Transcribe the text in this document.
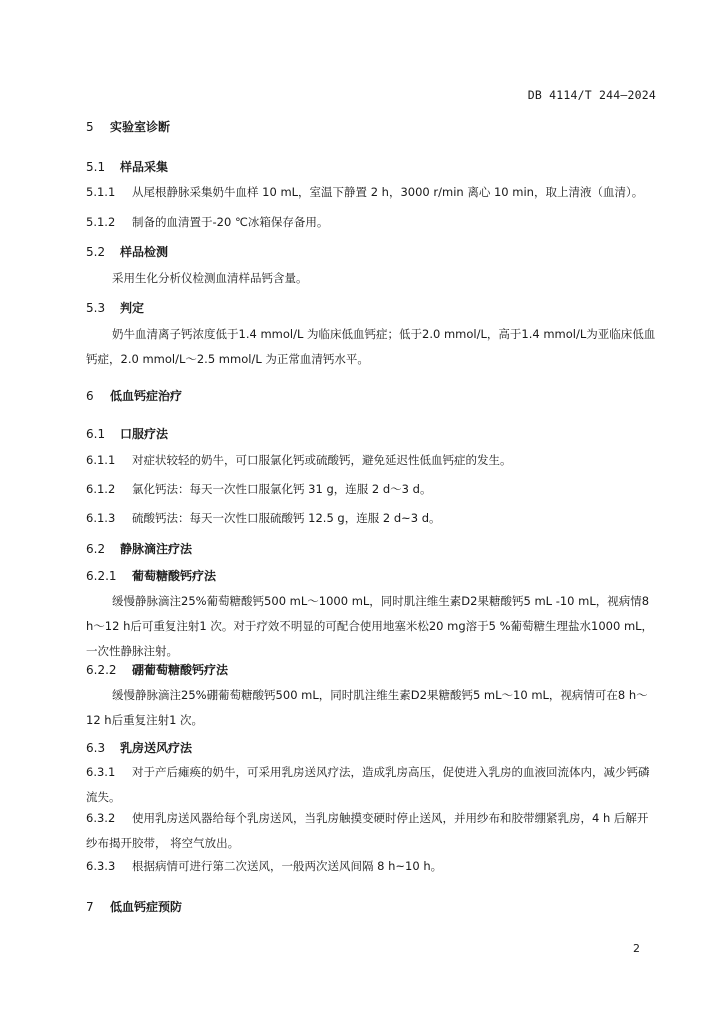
DB 4114/T 244—2024
5 实验室诊断
5.1 样品采集
5.1.1 从尾根静脉采集奶牛血样 10 mL，室温下静置 2 h，3000 r/min 离心 10 min，取上清液（血清）。
5.1.2 制备的血清置于-20 ℃冰箱保存备用。
5.2 样品检测
采用生化分析仪检测血清样品钙含量。
5.3 判定
奶牛血清离子钙浓度低于1.4 mmol/L 为临床低血钙症；低于2.0 mmol/L，高于1.4 mmol/L为亚临床低血钙症，2.0 mmol/L～2.5 mmol/L 为正常血清钙水平。
6 低血钙症治疗
6.1 口服疗法
6.1.1 对症状较轻的奶牛，可口服氯化钙或硫酸钙，避免延迟性低血钙症的发生。
6.1.2 氯化钙法：每天一次性口服氯化钙 31 g，连服 2 d～3 d。
6.1.3 硫酸钙法：每天一次性口服硫酸钙 12.5 g，连服 2 d~3 d。
6.2 静脉滴注疗法
6.2.1 葡萄糖酸钙疗法
缓慢静脉滴注25%葡萄糖酸钙500 mL～1000 mL，同时肌注维生素D2果糖酸钙5 mL -10 mL，视病情8 h～12 h后可重复注射1 次。对于疗效不明显的可配合使用地塞米松20 mg溶于5 %葡萄糖生理盐水1000 mL，一次性静脉注射。
6.2.2 硼葡萄糖酸钙疗法
缓慢静脉滴注25%硼葡萄糖酸钙500 mL，同时肌注维生素D2果糖酸钙5 mL～10 mL，视病情可在8 h～12 h后重复注射1 次。
6.3 乳房送风疗法
6.3.1 对于产后瘫痪的奶牛，可采用乳房送风疗法，造成乳房高压，促使进入乳房的血液回流体内，减少钙磷流失。
6.3.2 使用乳房送风器给每个乳房送风，当乳房触摸变硬时停止送风，并用纱布和胶带绷紧乳房，4 h 后解开纱布揭开胶带， 将空气放出。
6.3.3 根据病情可进行第二次送风，一般两次送风间隔 8 h~10 h。
7 低血钙症预防
2
